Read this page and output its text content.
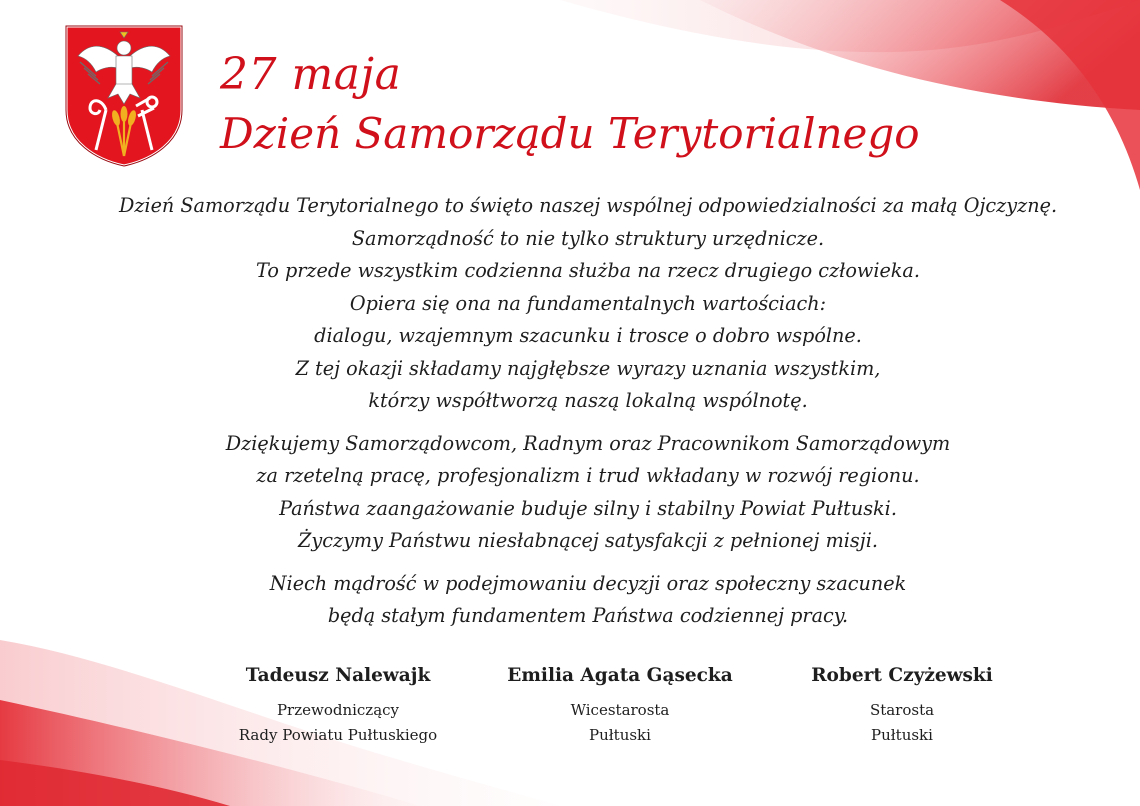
27 maja
Dzień Samorządu Terytorialnego
Dzień Samorządu Terytorialnego to święto naszej wspólnej odpowiedzialności za małą Ojczyznę.
Samorządność to nie tylko struktury urzędnicze.
To przede wszystkim codzienna służba na rzecz drugiego człowieka.
Opiera się ona na fundamentalnych wartościach:
dialogu, wzajemnym szacunku i trosce o dobro wspólne.
Z tej okazji składamy najgłębsze wyrazy uznania wszystkim,
którzy współtworzą naszą lokalną wspólnotę.
Dziękujemy Samorządowcom, Radnym oraz Pracownikom Samorządowym
za rzetelną pracę, profesjonalizm i trud wkładany w rozwój regionu.
Państwa zaangażowanie buduje silny i stabilny Powiat Pułtuski.
Życzymy Państwu niesłabnącej satysfakcji z pełnionej misji.
Niech mądrość w podejmowaniu decyzji oraz społeczny szacunek
będą stałym fundamentem Państwa codziennej pracy.
Tadeusz Nalewajk
Przewodniczący
Rady Powiatu Pułtuskiego
Emilia Agata Gąsecka
Wicestarosta
Pułtuski
Robert Czyżewski
Starosta
Pułtuski
